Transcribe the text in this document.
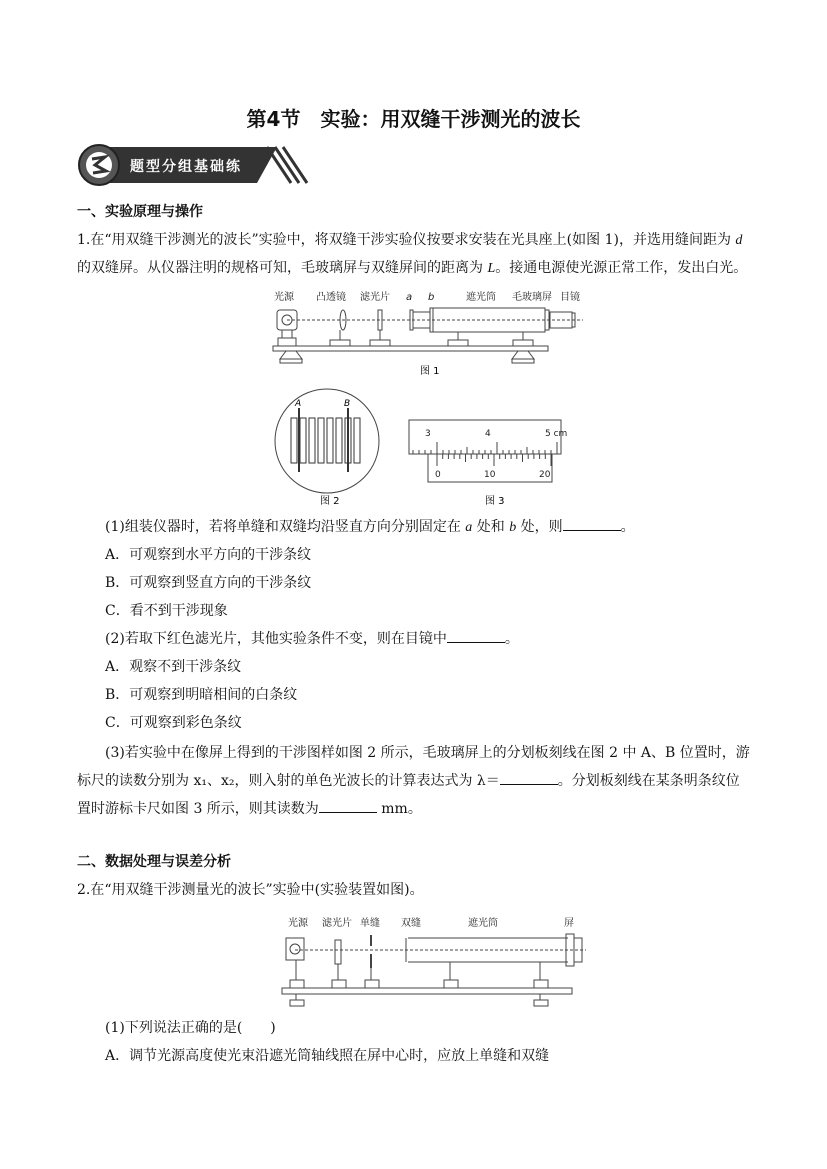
第4节　实验：用双缝干涉测光的波长
题型分组基础练
一、实验原理与操作
1.在“用双缝干涉测光的波长”实验中，将双缝干涉实验仪按要求安装在光具座上(如图 1)，并选用缝间距为 d
的双缝屏。从仪器注明的规格可知，毛玻璃屏与双缝屏间的距离为 L。接通电源使光源正常工作，发出白光。
光源 凸透镜 滤光片 a b	遮光筒 毛玻璃屏 目镜
图 1
A	B
图 2
3	4	5 cm
0	10	20
图 3
(1)组装仪器时，若将单缝和双缝均沿竖直方向分别固定在 a 处和 b 处，则	。
A．可观察到水平方向的干涉条纹
B．可观察到竖直方向的干涉条纹
C．看不到干涉现象
(2)若取下红色滤光片，其他实验条件不变，则在目镜中	。
A．观察不到干涉条纹
B．可观察到明暗相间的白条纹
C．可观察到彩色条纹
(3)若实验中在像屏上得到的干涉图样如图 2 所示，毛玻璃屏上的分划板刻线在图 2 中 A、B 位置时，游
标尺的读数分别为 x₁、x₂，则入射的单色光波长的计算表达式为 λ＝	。分划板刻线在某条明条纹位
置时游标卡尺如图 3 所示，则其读数为	mm。
二、数据处理与误差分析
2.在“用双缝干涉测量光的波长”实验中(实验装置如图)。
光源 滤光片 单缝 双缝	遮光筒	屏
(1)下列说法正确的是(　　)
A．调节光源高度使光束沿遮光筒轴线照在屏中心时，应放上单缝和双缝
